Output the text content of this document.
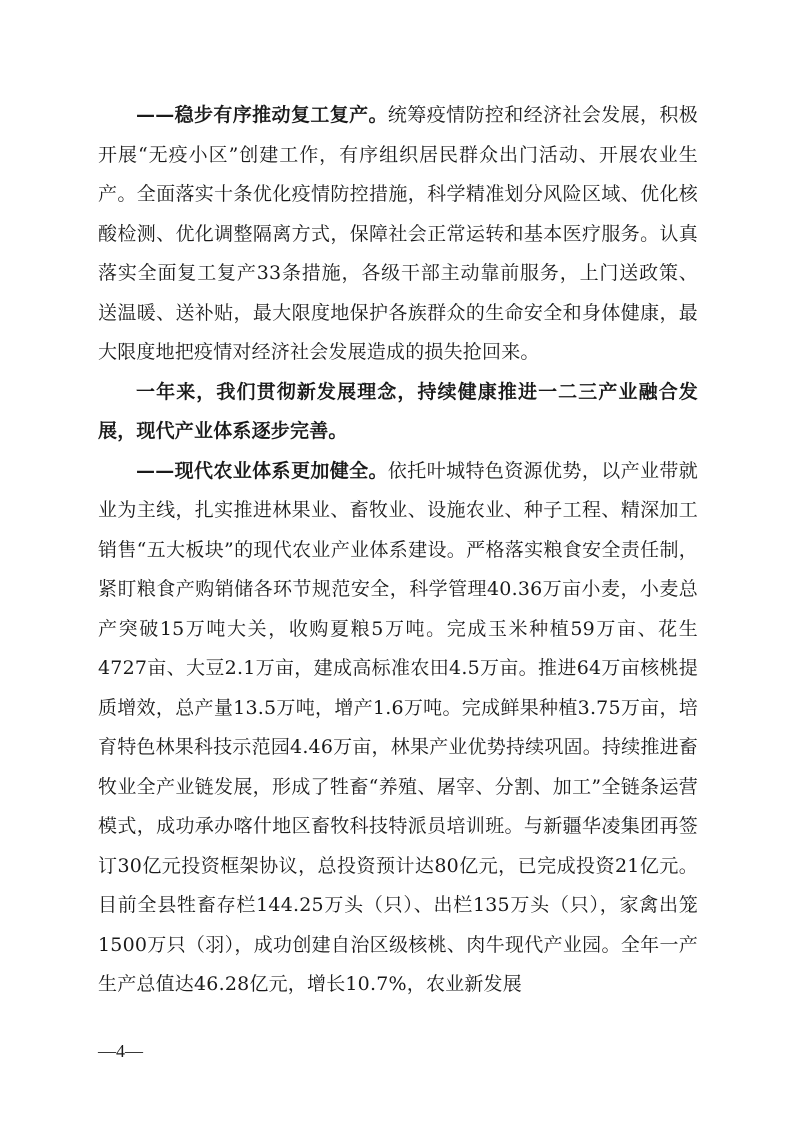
——稳步有序推动复工复产。统筹疫情防控和经济社会发展，积极开展“无疫小区”创建工作，有序组织居民群众出门活动、开展农业生产。全面落实十条优化疫情防控措施，科学精准划分风险区域、优化核酸检测、优化调整隔离方式，保障社会正常运转和基本医疗服务。认真落实全面复工复产33条措施，各级干部主动靠前服务，上门送政策、送温暖、送补贴，最大限度地保护各族群众的生命安全和身体健康，最大限度地把疫情对经济社会发展造成的损失抢回来。

一年来，我们贯彻新发展理念，持续健康推进一二三产业融合发展，现代产业体系逐步完善。

——现代农业体系更加健全。依托叶城特色资源优势，以产业带就业为主线，扎实推进林果业、畜牧业、设施农业、种子工程、精深加工销售“五大板块”的现代农业产业体系建设。严格落实粮食安全责任制，紧盯粮食产购销储各环节规范安全，科学管理40.36万亩小麦，小麦总产突破15万吨大关，收购夏粮5万吨。完成玉米种植59万亩、花生4727亩、大豆2.1万亩，建成高标准农田4.5万亩。推进64万亩核桃提质增效，总产量13.5万吨，增产1.6万吨。完成鲜果种植3.75万亩，培育特色林果科技示范园4.46万亩，林果产业优势持续巩固。持续推进畜牧业全产业链发展，形成了牲畜“养殖、屠宰、分割、加工”全链条运营模式，成功承办喀什地区畜牧科技特派员培训班。与新疆华凌集团再签订30亿元投资框架协议，总投资预计达80亿元，已完成投资21亿元。目前全县牲畜存栏144.25万头（只）、出栏135万头（只），家禽出笼1500万只（羽），成功创建自治区级核桃、肉牛现代产业园。全年一产生产总值达46.28亿元，增长10.7%，农业新发展

—4—
